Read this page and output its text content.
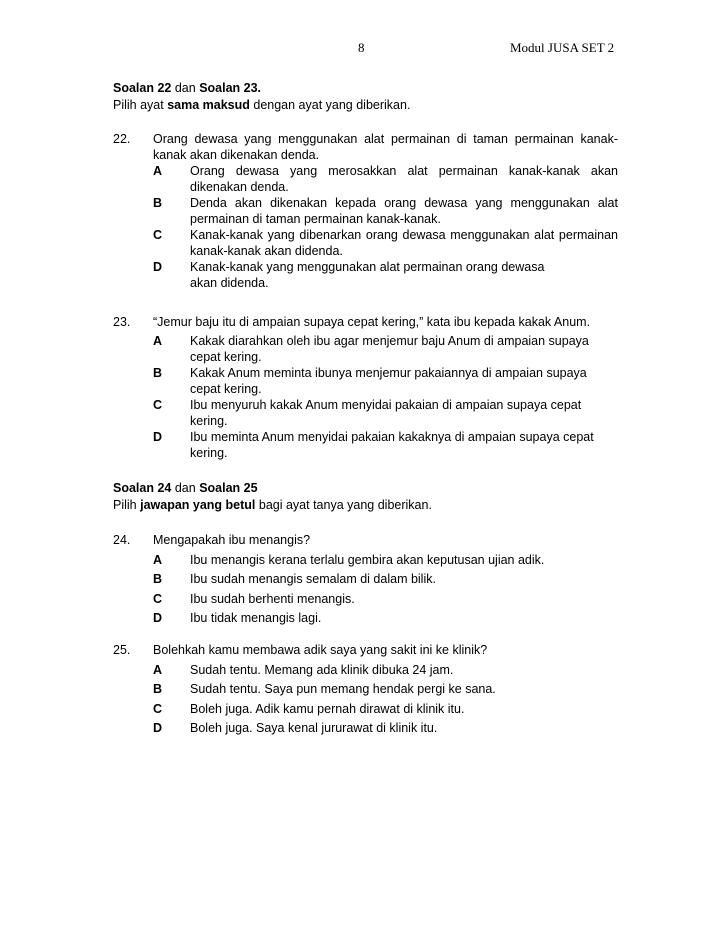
8	Modul JUSA SET 2
Soalan 22 dan Soalan 23.
Pilih ayat sama maksud dengan ayat yang diberikan.
22.	Orang dewasa yang menggunakan alat permainan di taman permainan kanak-kanak akan dikenakan denda.
A	Orang dewasa yang merosakkan alat permainan kanak-kanak akan dikenakan denda.
B	Denda akan dikenakan kepada orang dewasa yang menggunakan alat permainan di taman permainan kanak-kanak.
C	Kanak-kanak yang dibenarkan orang dewasa menggunakan alat permainan kanak-kanak akan didenda.
D	Kanak-kanak yang menggunakan alat permainan orang dewasa akan didenda.
23.	“Jemur baju itu di ampaian supaya cepat kering,” kata ibu kepada kakak Anum.
A	Kakak diarahkan oleh ibu agar menjemur baju Anum di ampaian supaya cepat kering.
B	Kakak Anum meminta ibunya menjemur pakaiannya di ampaian supaya cepat kering.
C	Ibu menyuruh kakak Anum menyidai pakaian di ampaian supaya cepat kering.
D	Ibu meminta Anum menyidai pakaian kakaknya di ampaian supaya cepat kering.
Soalan 24 dan Soalan 25
Pilih jawapan yang betul bagi ayat tanya yang diberikan.
24.	Mengapakah ibu menangis?
A	Ibu menangis kerana terlalu gembira akan keputusan ujian adik.
B	Ibu sudah menangis semalam di dalam bilik.
C	Ibu sudah berhenti menangis.
D	Ibu tidak menangis lagi.
25.	Bolehkah kamu membawa adik saya yang sakit ini ke klinik?
A	Sudah tentu. Memang ada klinik dibuka 24 jam.
B	Sudah tentu. Saya pun memang hendak pergi ke sana.
C	Boleh juga. Adik kamu pernah dirawat di klinik itu.
D	Boleh juga. Saya kenal jururawat di klinik itu.
